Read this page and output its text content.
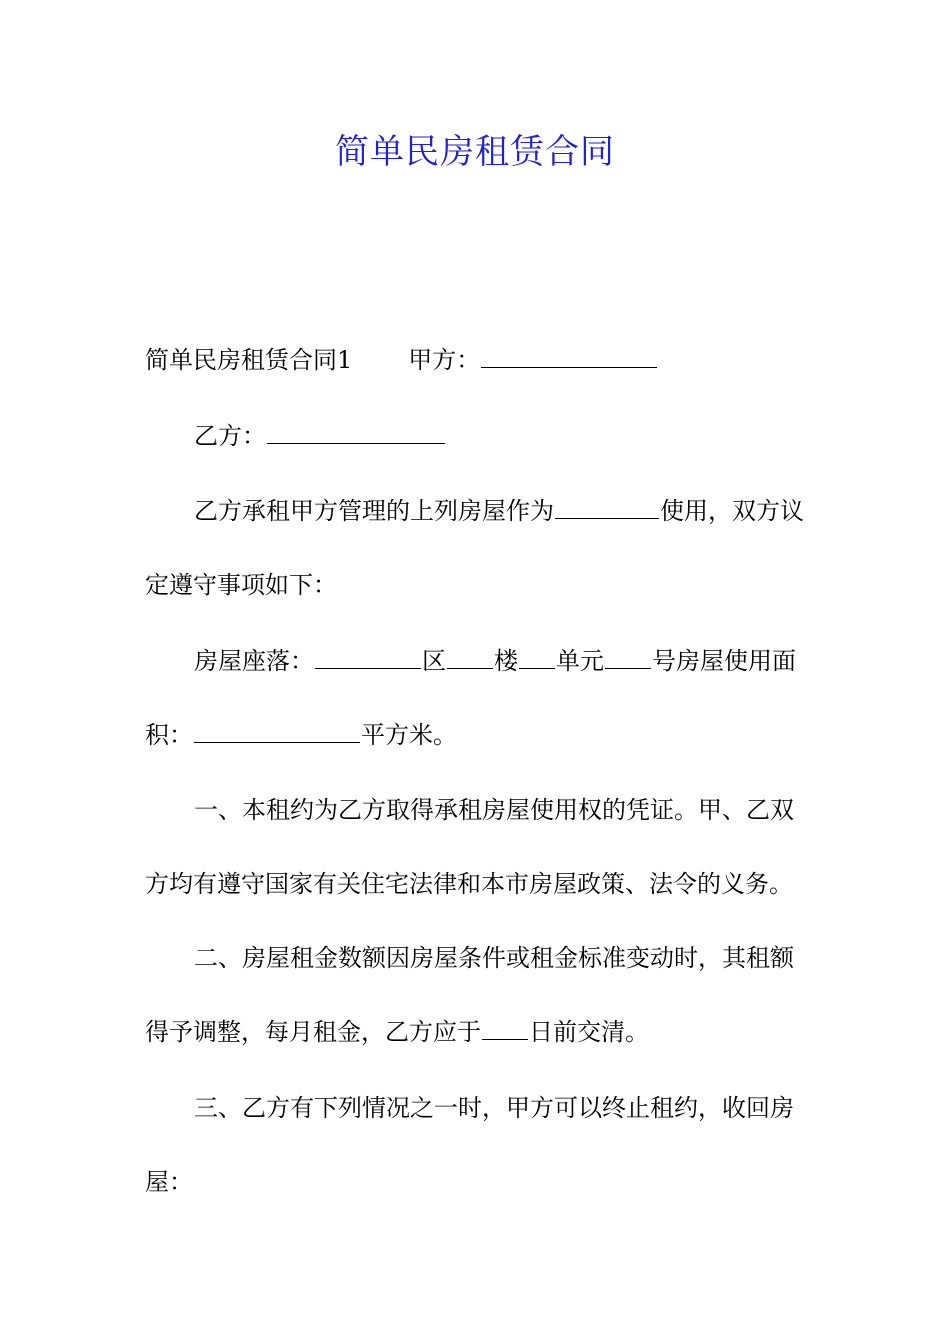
简单民房租赁合同
简单民房租赁合同1 甲方：
乙方：
乙方承租甲方管理的上列房屋作为	使用，双方议
定遵守事项如下：
房屋座落：	区 楼 单元 号房屋使用面
积：	平方米。
一、本租约为乙方取得承租房屋使用权的凭证。甲、乙双
方均有遵守国家有关住宅法律和本市房屋政策、法令的义务。
二、房屋租金数额因房屋条件或租金标准变动时，其租额
得予调整，每月租金，乙方应于 日前交清。
三、乙方有下列情况之一时，甲方可以终止租约，收回房
屋：
